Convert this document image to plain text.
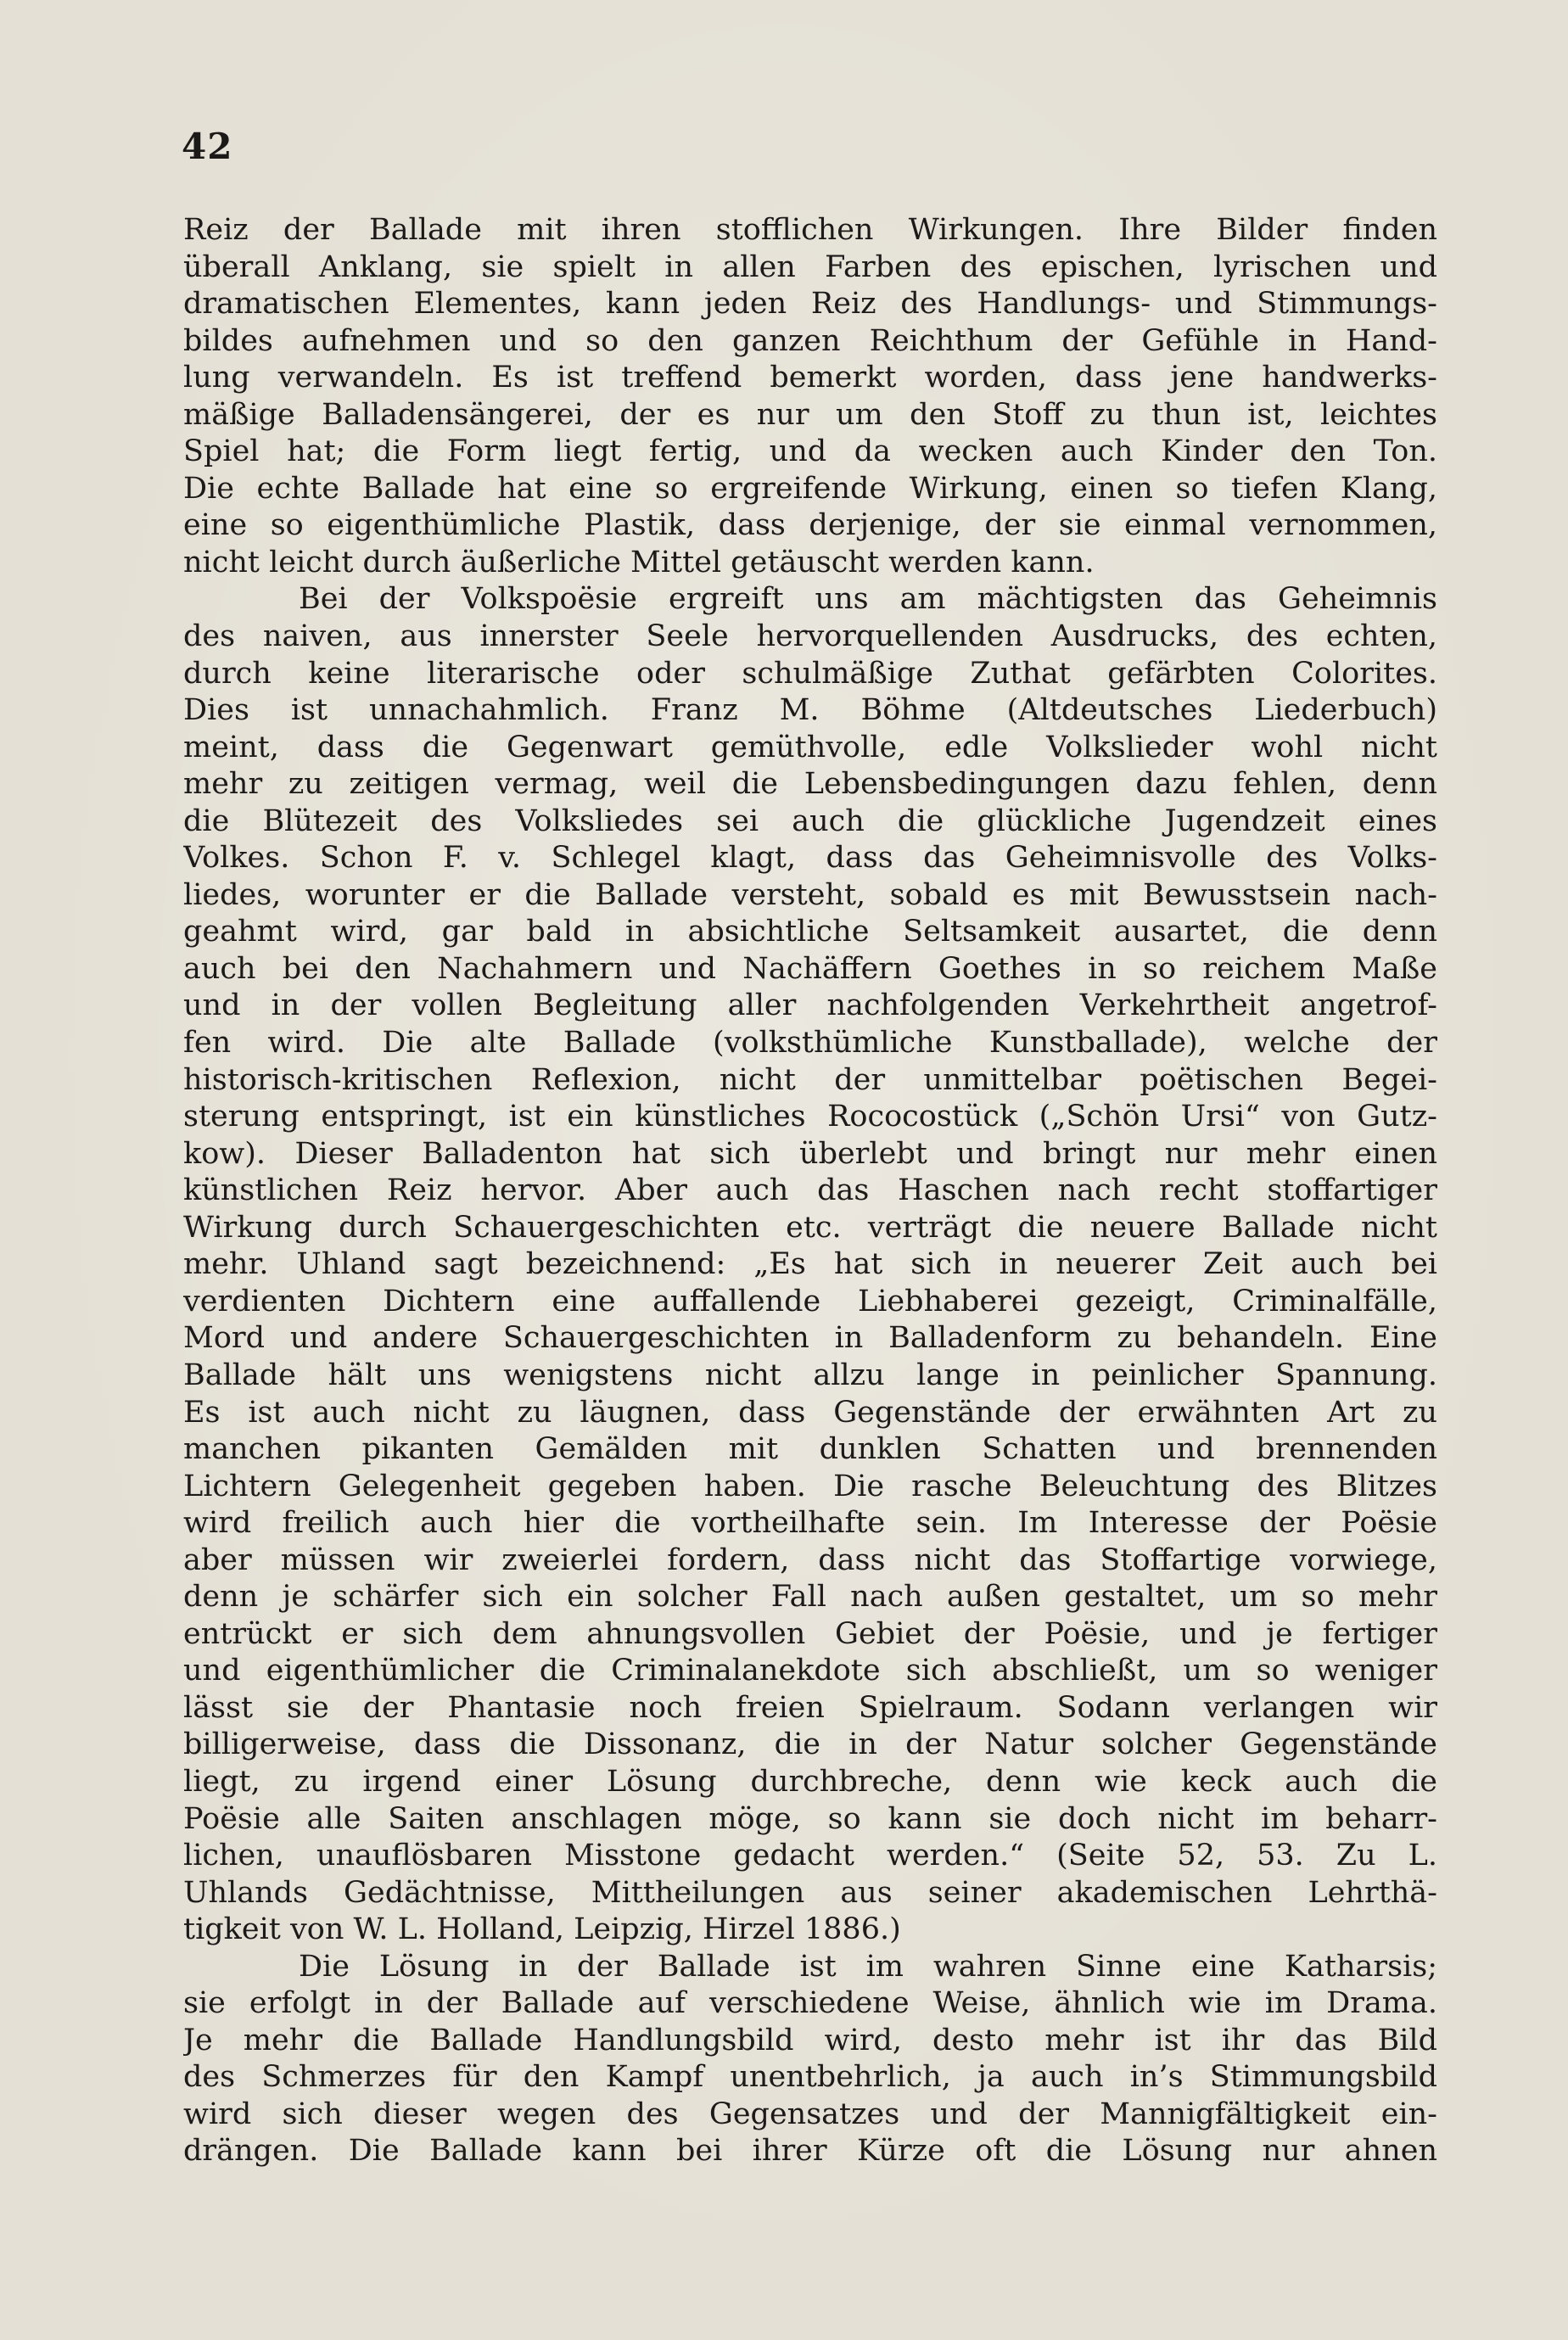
42
Reiz der Ballade mit ihren stofflichen Wirkungen. Ihre Bilder finden
überall Anklang, sie spielt in allen Farben des epischen, lyrischen und
dramatischen Elementes, kann jeden Reiz des Handlungs- und Stimmungs-
bildes aufnehmen und so den ganzen Reichthum der Gefühle in Hand-
lung verwandeln. Es ist treffend bemerkt worden, dass jene handwerks-
mäßige Balladensängerei, der es nur um den Stoff zu thun ist, leichtes
Spiel hat; die Form liegt fertig, und da wecken auch Kinder den Ton.
Die echte Ballade hat eine so ergreifende Wirkung, einen so tiefen Klang,
eine so eigenthümliche Plastik, dass derjenige, der sie einmal vernommen,
nicht leicht durch äußerliche Mittel getäuscht werden kann.
Bei der Volkspoësie ergreift uns am mächtigsten das Geheimnis
des naiven, aus innerster Seele hervorquellenden Ausdrucks, des echten,
durch keine literarische oder schulmäßige Zuthat gefärbten Colorites.
Dies ist unnachahmlich. Franz M. Böhme (Altdeutsches Liederbuch)
meint, dass die Gegenwart gemüthvolle, edle Volkslieder wohl nicht
mehr zu zeitigen vermag, weil die Lebensbedingungen dazu fehlen, denn
die Blütezeit des Volksliedes sei auch die glückliche Jugendzeit eines
Volkes. Schon F. v. Schlegel klagt, dass das Geheimnisvolle des Volks-
liedes, worunter er die Ballade versteht, sobald es mit Bewusstsein nach-
geahmt wird, gar bald in absichtliche Seltsamkeit ausartet, die denn
auch bei den Nachahmern und Nachäffern Goethes in so reichem Maße
und in der vollen Begleitung aller nachfolgenden Verkehrtheit angetrof-
fen wird. Die alte Ballade (volksthümliche Kunstballade), welche der
historisch-kritischen Reflexion, nicht der unmittelbar poëtischen Begei-
sterung entspringt, ist ein künstliches Rococostück („Schön Ursi“ von Gutz-
kow). Dieser Balladenton hat sich überlebt und bringt nur mehr einen
künstlichen Reiz hervor. Aber auch das Haschen nach recht stoffartiger
Wirkung durch Schauergeschichten etc. verträgt die neuere Ballade nicht
mehr. Uhland sagt bezeichnend: „Es hat sich in neuerer Zeit auch bei
verdienten Dichtern eine auffallende Liebhaberei gezeigt, Criminalfälle,
Mord und andere Schauergeschichten in Balladenform zu behandeln. Eine
Ballade hält uns wenigstens nicht allzu lange in peinlicher Spannung.
Es ist auch nicht zu läugnen, dass Gegenstände der erwähnten Art zu
manchen pikanten Gemälden mit dunklen Schatten und brennenden
Lichtern Gelegenheit gegeben haben. Die rasche Beleuchtung des Blitzes
wird freilich auch hier die vortheilhafte sein. Im Interesse der Poësie
aber müssen wir zweierlei fordern, dass nicht das Stoffartige vorwiege,
denn je schärfer sich ein solcher Fall nach außen gestaltet, um so mehr
entrückt er sich dem ahnungsvollen Gebiet der Poësie, und je fertiger
und eigenthümlicher die Criminalanekdote sich abschließt, um so weniger
lässt sie der Phantasie noch freien Spielraum. Sodann verlangen wir
billigerweise, dass die Dissonanz, die in der Natur solcher Gegenstände
liegt, zu irgend einer Lösung durchbreche, denn wie keck auch die
Poësie alle Saiten anschlagen möge, so kann sie doch nicht im beharr-
lichen, unauflösbaren Misstone gedacht werden.“ (Seite 52, 53. Zu L.
Uhlands Gedächtnisse, Mittheilungen aus seiner akademischen Lehrthä-
tigkeit von W. L. Holland, Leipzig, Hirzel 1886.)
Die Lösung in der Ballade ist im wahren Sinne eine Katharsis;
sie erfolgt in der Ballade auf verschiedene Weise, ähnlich wie im Drama.
Je mehr die Ballade Handlungsbild wird, desto mehr ist ihr das Bild
des Schmerzes für den Kampf unentbehrlich, ja auch in’s Stimmungsbild
wird sich dieser wegen des Gegensatzes und der Mannigfältigkeit ein-
drängen. Die Ballade kann bei ihrer Kürze oft die Lösung nur ahnen
